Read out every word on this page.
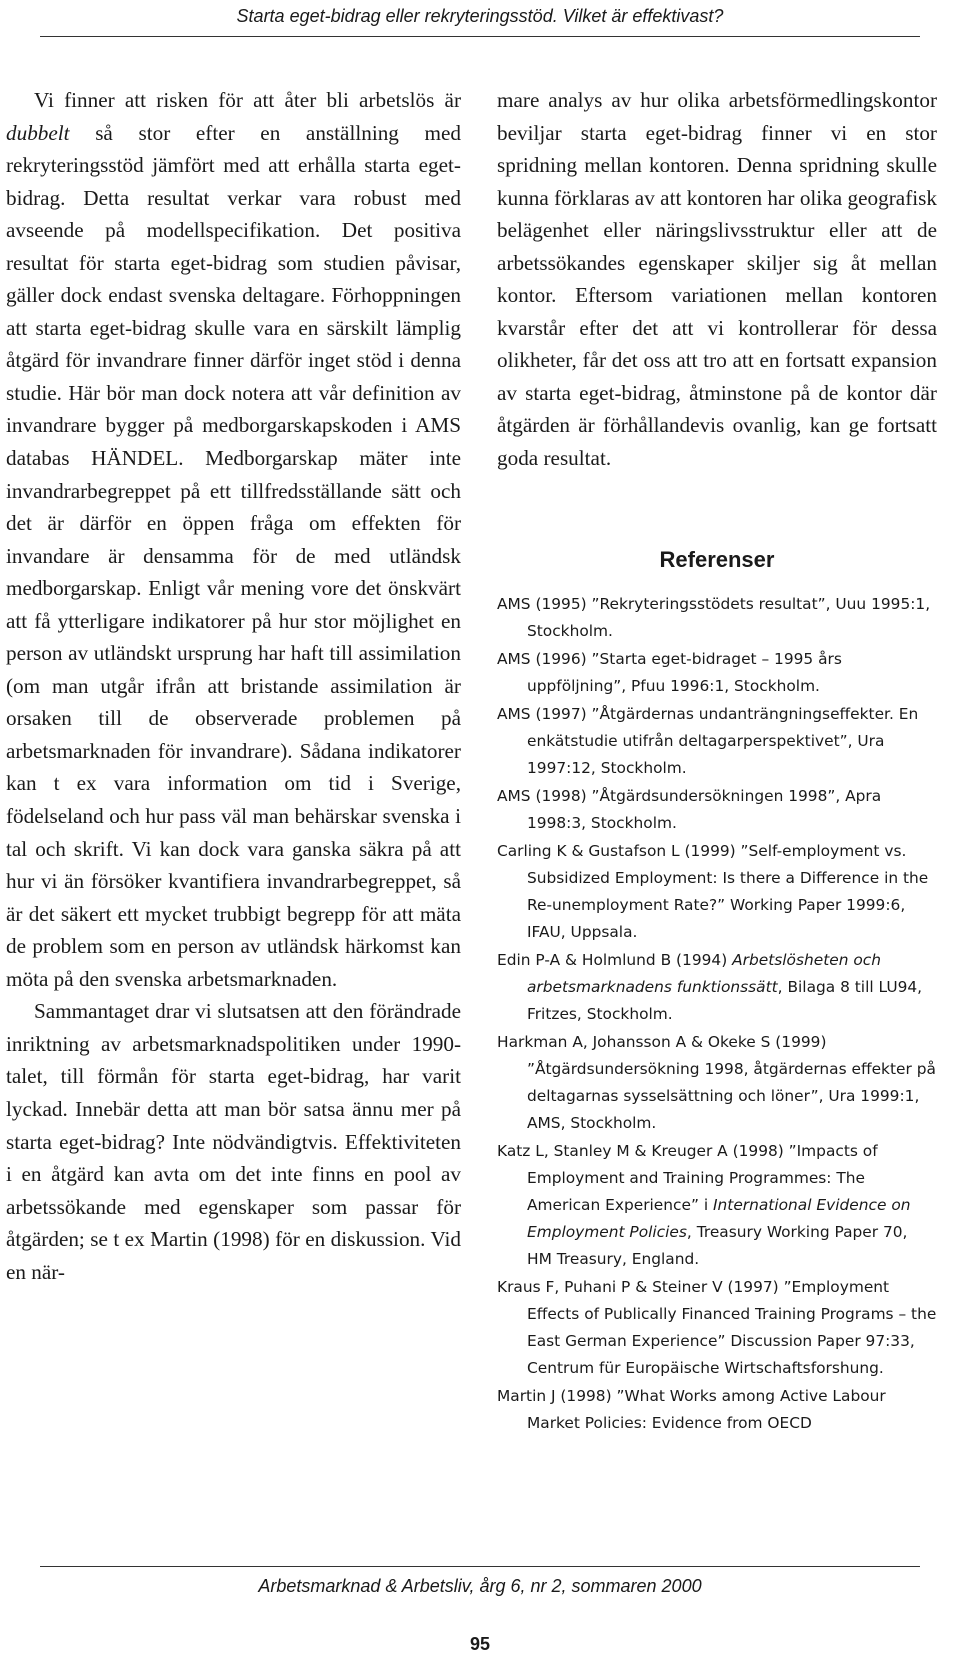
Starta eget-bidrag eller rekryteringsstöd. Vilket är effektivast?

Vi finner att risken för att åter bli arbetslös är dubbelt så stor efter en anställning med rekryteringsstöd jämfört med att erhålla starta eget-bidrag. Detta resultat verkar vara robust med avseende på modellspecifikation. Det positiva resultat för starta eget-bidrag som studien påvisar, gäller dock endast svenska deltagare. Förhoppningen att starta eget-bidrag skulle vara en särskilt lämplig åtgärd för invandrare finner därför inget stöd i denna studie. Här bör man dock notera att vår definition av invandrare bygger på medborgarskapskoden i AMS databas HÄNDEL. Medborgarskap mäter inte invandrarbegreppet på ett tillfredsställande sätt och det är därför en öppen fråga om effekten för invandare är densamma för de med utländsk medborgarskap. Enligt vår mening vore det önskvärt att få ytterligare indikatorer på hur stor möjlighet en person av utländskt ursprung har haft till assimilation (om man utgår ifrån att bristande assimilation är orsaken till de observerade problemen på arbetsmarknaden för invandrare). Sådana indikatorer kan t ex vara information om tid i Sverige, födelseland och hur pass väl man behärskar svenska i tal och skrift. Vi kan dock vara ganska säkra på att hur vi än försöker kvantifiera invandrarbegreppet, så är det säkert ett mycket trubbigt begrepp för att mäta de problem som en person av utländsk härkomst kan möta på den svenska arbetsmarknaden.

Sammantaget drar vi slutsatsen att den förändrade inriktning av arbetsmarknadspolitiken under 1990-talet, till förmån för starta eget-bidrag, har varit lyckad. Innebär detta att man bör satsa ännu mer på starta eget-bidrag? Inte nödvändigtvis. Effektiviteten i en åtgärd kan avta om det inte finns en pool av arbetssökande med egenskaper som passar för åtgärden; se t ex Martin (1998) för en diskussion. Vid en när-

mare analys av hur olika arbetsförmedlingskontor beviljar starta eget-bidrag finner vi en stor spridning mellan kontoren. Denna spridning skulle kunna förklaras av att kontoren har olika geografisk belägenhet eller näringslivsstruktur eller att de arbetssökandes egenskaper skiljer sig åt mellan kontor. Eftersom variationen mellan kontoren kvarstår efter det att vi kontrollerar för dessa olikheter, får det oss att tro att en fortsatt expansion av starta eget-bidrag, åtminstone på de kontor där åtgärden är förhållandevis ovanlig, kan ge fortsatt goda resultat.

Referenser
AMS (1995) ”Rekryteringsstödets resultat”, Uuu 1995:1, Stockholm.
AMS (1996) ”Starta eget-bidraget – 1995 års uppföljning”, Pfuu 1996:1, Stockholm.
AMS (1997) ”Åtgärdernas undanträngningseffekter. En enkätstudie utifrån deltagarperspektivet”, Ura 1997:12, Stockholm.
AMS (1998) ”Åtgärdsundersökningen 1998”, Apra 1998:3, Stockholm.
Carling K & Gustafson L (1999) ”Self-employment vs. Subsidized Employment: Is there a Difference in the Re-unemployment Rate?” Working Paper 1999:6, IFAU, Uppsala.
Edin P-A & Holmlund B (1994) Arbetslösheten och arbetsmarknadens funktionssätt, Bilaga 8 till LU94, Fritzes, Stockholm.
Harkman A, Johansson A & Okeke S (1999) ”Åtgärdsundersökning 1998, åtgärdernas effekter på deltagarnas sysselsättning och löner”, Ura 1999:1, AMS, Stockholm.
Katz L, Stanley M & Kreuger A (1998) ”Impacts of Employment and Training Programmes: The American Experience” i International Evidence on Employment Policies, Treasury Working Paper 70, HM Treasury, England.
Kraus F, Puhani P & Steiner V (1997) ”Employment Effects of Publically Financed Training Programs – the East German Experience” Discussion Paper 97:33, Centrum für Europäische Wirtschaftsforshung.
Martin J (1998) ”What Works among Active Labour Market Policies: Evidence from OECD
Arbetsmarknad & Arbetsliv, årg 6, nr 2, sommaren 2000
95
